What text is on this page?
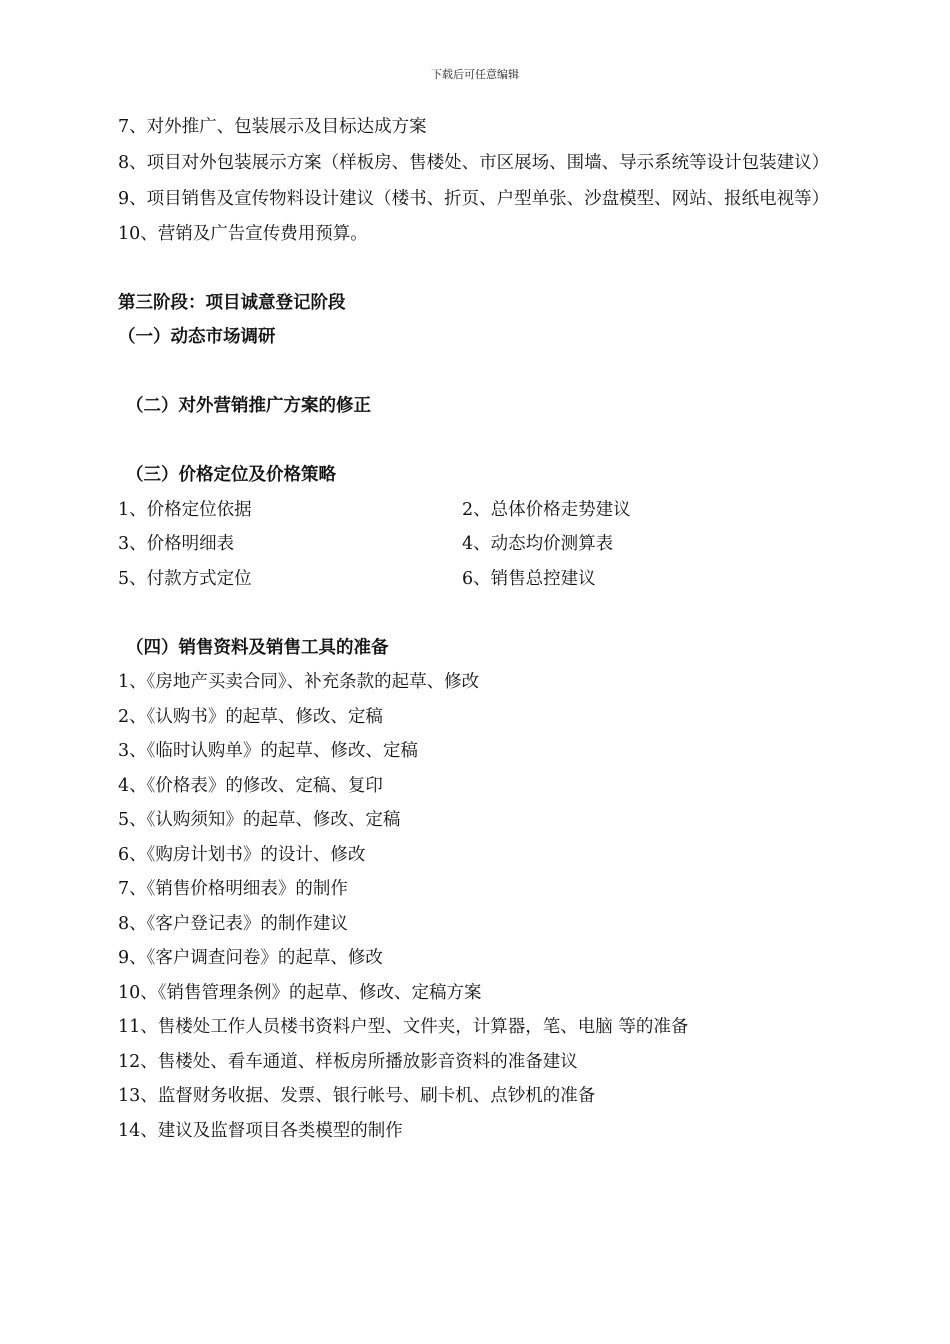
下载后可任意编辑
7、对外推广、包装展示及目标达成方案
8、项目对外包装展示方案（样板房、售楼处、市区展场、围墙、导示系统等设计包装建议）
9、项目销售及宣传物料设计建议（楼书、折页、户型单张、沙盘模型、网站、报纸电视等）
10、营销及广告宣传费用预算。
第三阶段：项目诚意登记阶段
（一）动态市场调研
（二）对外营销推广方案的修正
（三）价格定位及价格策略
1、价格定位依据	2、总体价格走势建议
3、价格明细表	4、动态均价测算表
5、付款方式定位	6、销售总控建议
（四）销售资料及销售工具的准备
1、《房地产买卖合同》、补充条款的起草、修改
2、《认购书》的起草、修改、定稿
3、《临时认购单》的起草、修改、定稿
4、《价格表》的修改、定稿、复印
5、《认购须知》的起草、修改、定稿
6、《购房计划书》的设计、修改
7、《销售价格明细表》的制作
8、《客户登记表》的制作建议
9、《客户调查问卷》的起草、修改
10、《销售管理条例》的起草、修改、定稿方案
11、售楼处工作人员楼书资料户型、文件夹，计算器，笔、电脑 等的准备
12、售楼处、看车通道、样板房所播放影音资料的准备建议
13、监督财务收据、发票、银行帐号、刷卡机、点钞机的准备
14、建议及监督项目各类模型的制作
